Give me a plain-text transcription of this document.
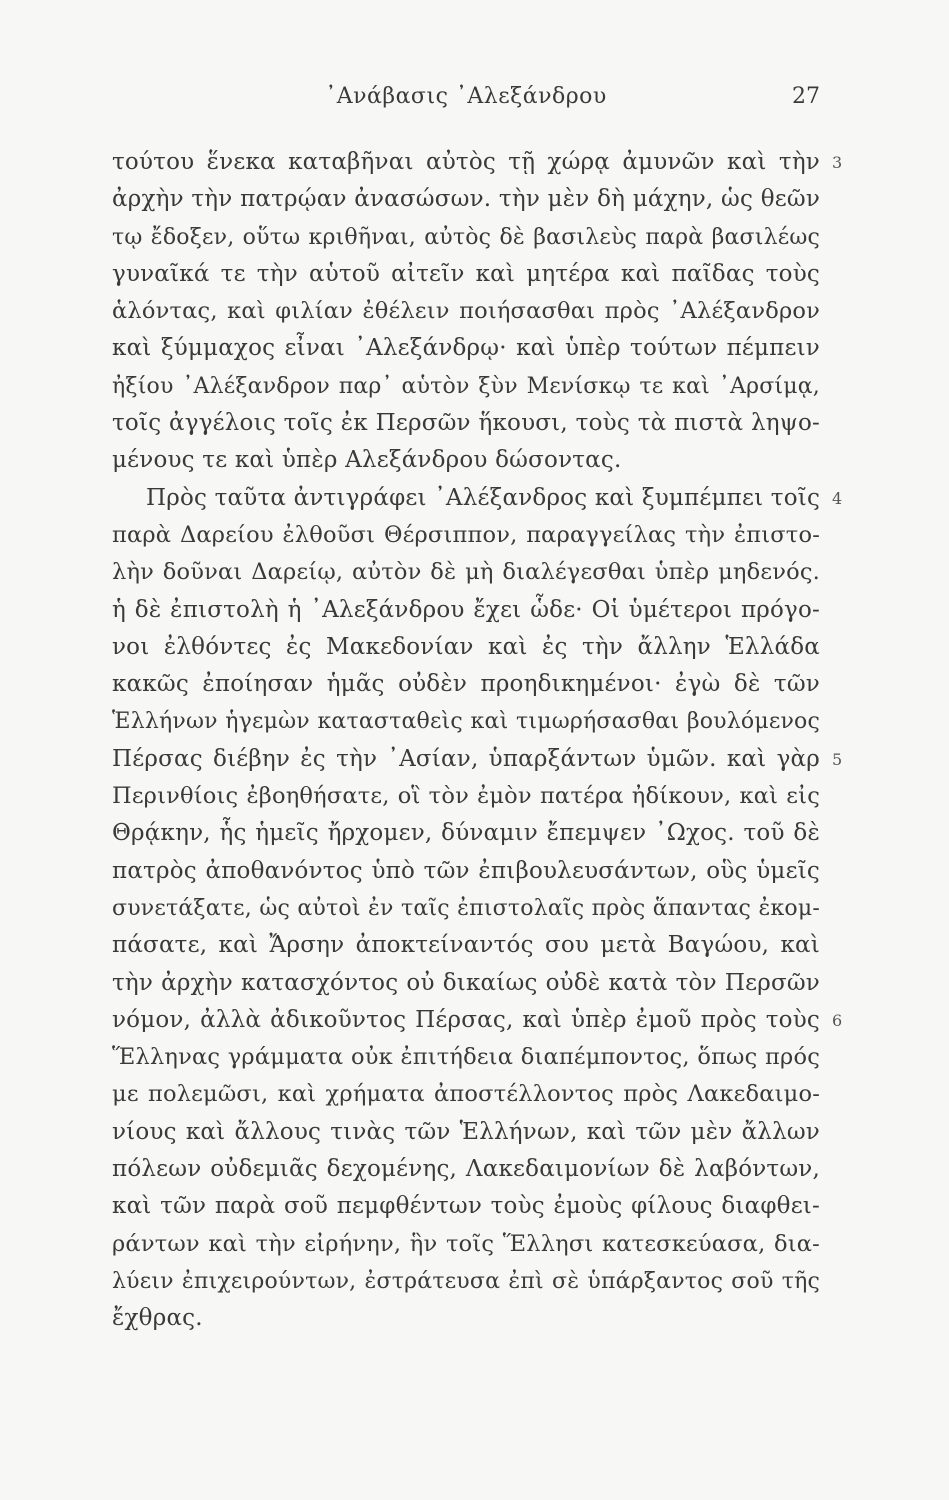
᾿Ανάβασις ᾿Αλεξάνδρου	27
τούτου ἕνεκα καταβῆναι αὐτὸς τῇ χώρᾳ ἀμυνῶν καὶ τὴν 3
ἀρχὴν τὴν πατρῴαν ἀνασώσων. τὴν μὲν δὴ μάχην, ὡς θεῶν
τῳ ἔδοξεν, οὕτω κριθῆναι, αὐτὸς δὲ βασιλεὺς παρὰ βασιλέως
γυναῖκά τε τὴν αὑτοῦ αἰτεῖν καὶ μητέρα καὶ παῖδας τοὺς
ἁλόντας, καὶ φιλίαν ἐθέλειν ποιήσασθαι πρὸς ᾿Αλέξανδρον
καὶ ξύμμαχος εἶναι ᾿Αλεξάνδρῳ· καὶ ὑπὲρ τούτων πέμπειν
ἠξίου ᾿Αλέξανδρον παρ᾿ αὑτὸν ξὺν Μενίσκῳ τε καὶ ᾿Αρσίμᾳ,
τοῖς ἀγγέλοις τοῖς ἐκ Περσῶν ἥκουσι, τοὺς τὰ πιστὰ ληψο-
μένους τε καὶ ὑπὲρ Αλεξάνδρου δώσοντας.
Πρὸς ταῦτα ἀντιγράφει ᾿Αλέξανδρος καὶ ξυμπέμπει τοῖς 4
παρὰ Δαρείου ἐλθοῦσι Θέρσιππον, παραγγείλας τὴν ἐπιστο-
λὴν δοῦναι Δαρείῳ, αὐτὸν δὲ μὴ διαλέγεσθαι ὑπὲρ μηδενός.
ἡ δὲ ἐπιστολὴ ἡ ᾿Αλεξάνδρου ἔχει ὧδε· Οἱ ὑμέτεροι πρόγο-
νοι ἐλθόντες ἐς Μακεδονίαν καὶ ἐς τὴν ἄλλην Ἑλλάδα
κακῶς ἐποίησαν ἡμᾶς οὐδὲν προηδικημένοι· ἐγὼ δὲ τῶν
Ἑλλήνων ἡγεμὼν κατασταθεὶς καὶ τιμωρήσασθαι βουλόμενος
Πέρσας διέβην ἐς τὴν ᾿Ασίαν, ὑπαρξάντων ὑμῶν. καὶ γὰρ 5
Περινθίοις ἐβοηθήσατε, οἳ τὸν ἐμὸν πατέρα ἠδίκουν, καὶ εἰς
Θρᾴκην, ἧς ἡμεῖς ἤρχομεν, δύναμιν ἔπεμψεν ᾿Ωχος. τοῦ δὲ
πατρὸς ἀποθανόντος ὑπὸ τῶν ἐπιβουλευσάντων, οὓς ὑμεῖς
συνετάξατε, ὡς αὐτοὶ ἐν ταῖς ἐπιστολαῖς πρὸς ἅπαντας ἐκομ-
πάσατε, καὶ Ἄρσην ἀποκτείναντός σου μετὰ Βαγώου, καὶ
τὴν ἀρχὴν κατασχόντος οὐ δικαίως οὐδὲ κατὰ τὸν Περσῶν
νόμον, ἀλλὰ ἀδικοῦντος Πέρσας, καὶ ὑπὲρ ἐμοῦ πρὸς τοὺς 6
Ἕλληνας γράμματα οὐκ ἐπιτήδεια διαπέμποντος, ὅπως πρός
με πολεμῶσι, καὶ χρήματα ἀποστέλλοντος πρὸς Λακεδαιμο-
νίους καὶ ἄλλους τινὰς τῶν Ἑλλήνων, καὶ τῶν μὲν ἄλλων
πόλεων οὐδεμιᾶς δεχομένης, Λακεδαιμονίων δὲ λαβόντων,
καὶ τῶν παρὰ σοῦ πεμφθέντων τοὺς ἐμοὺς φίλους διαφθει-
ράντων καὶ τὴν εἰρήνην, ἣν τοῖς Ἕλλησι κατεσκεύασα, δια-
λύειν ἐπιχειρούντων, ἐστράτευσα ἐπὶ σὲ ὑπάρξαντος σοῦ τῆς
ἔχθρας.
